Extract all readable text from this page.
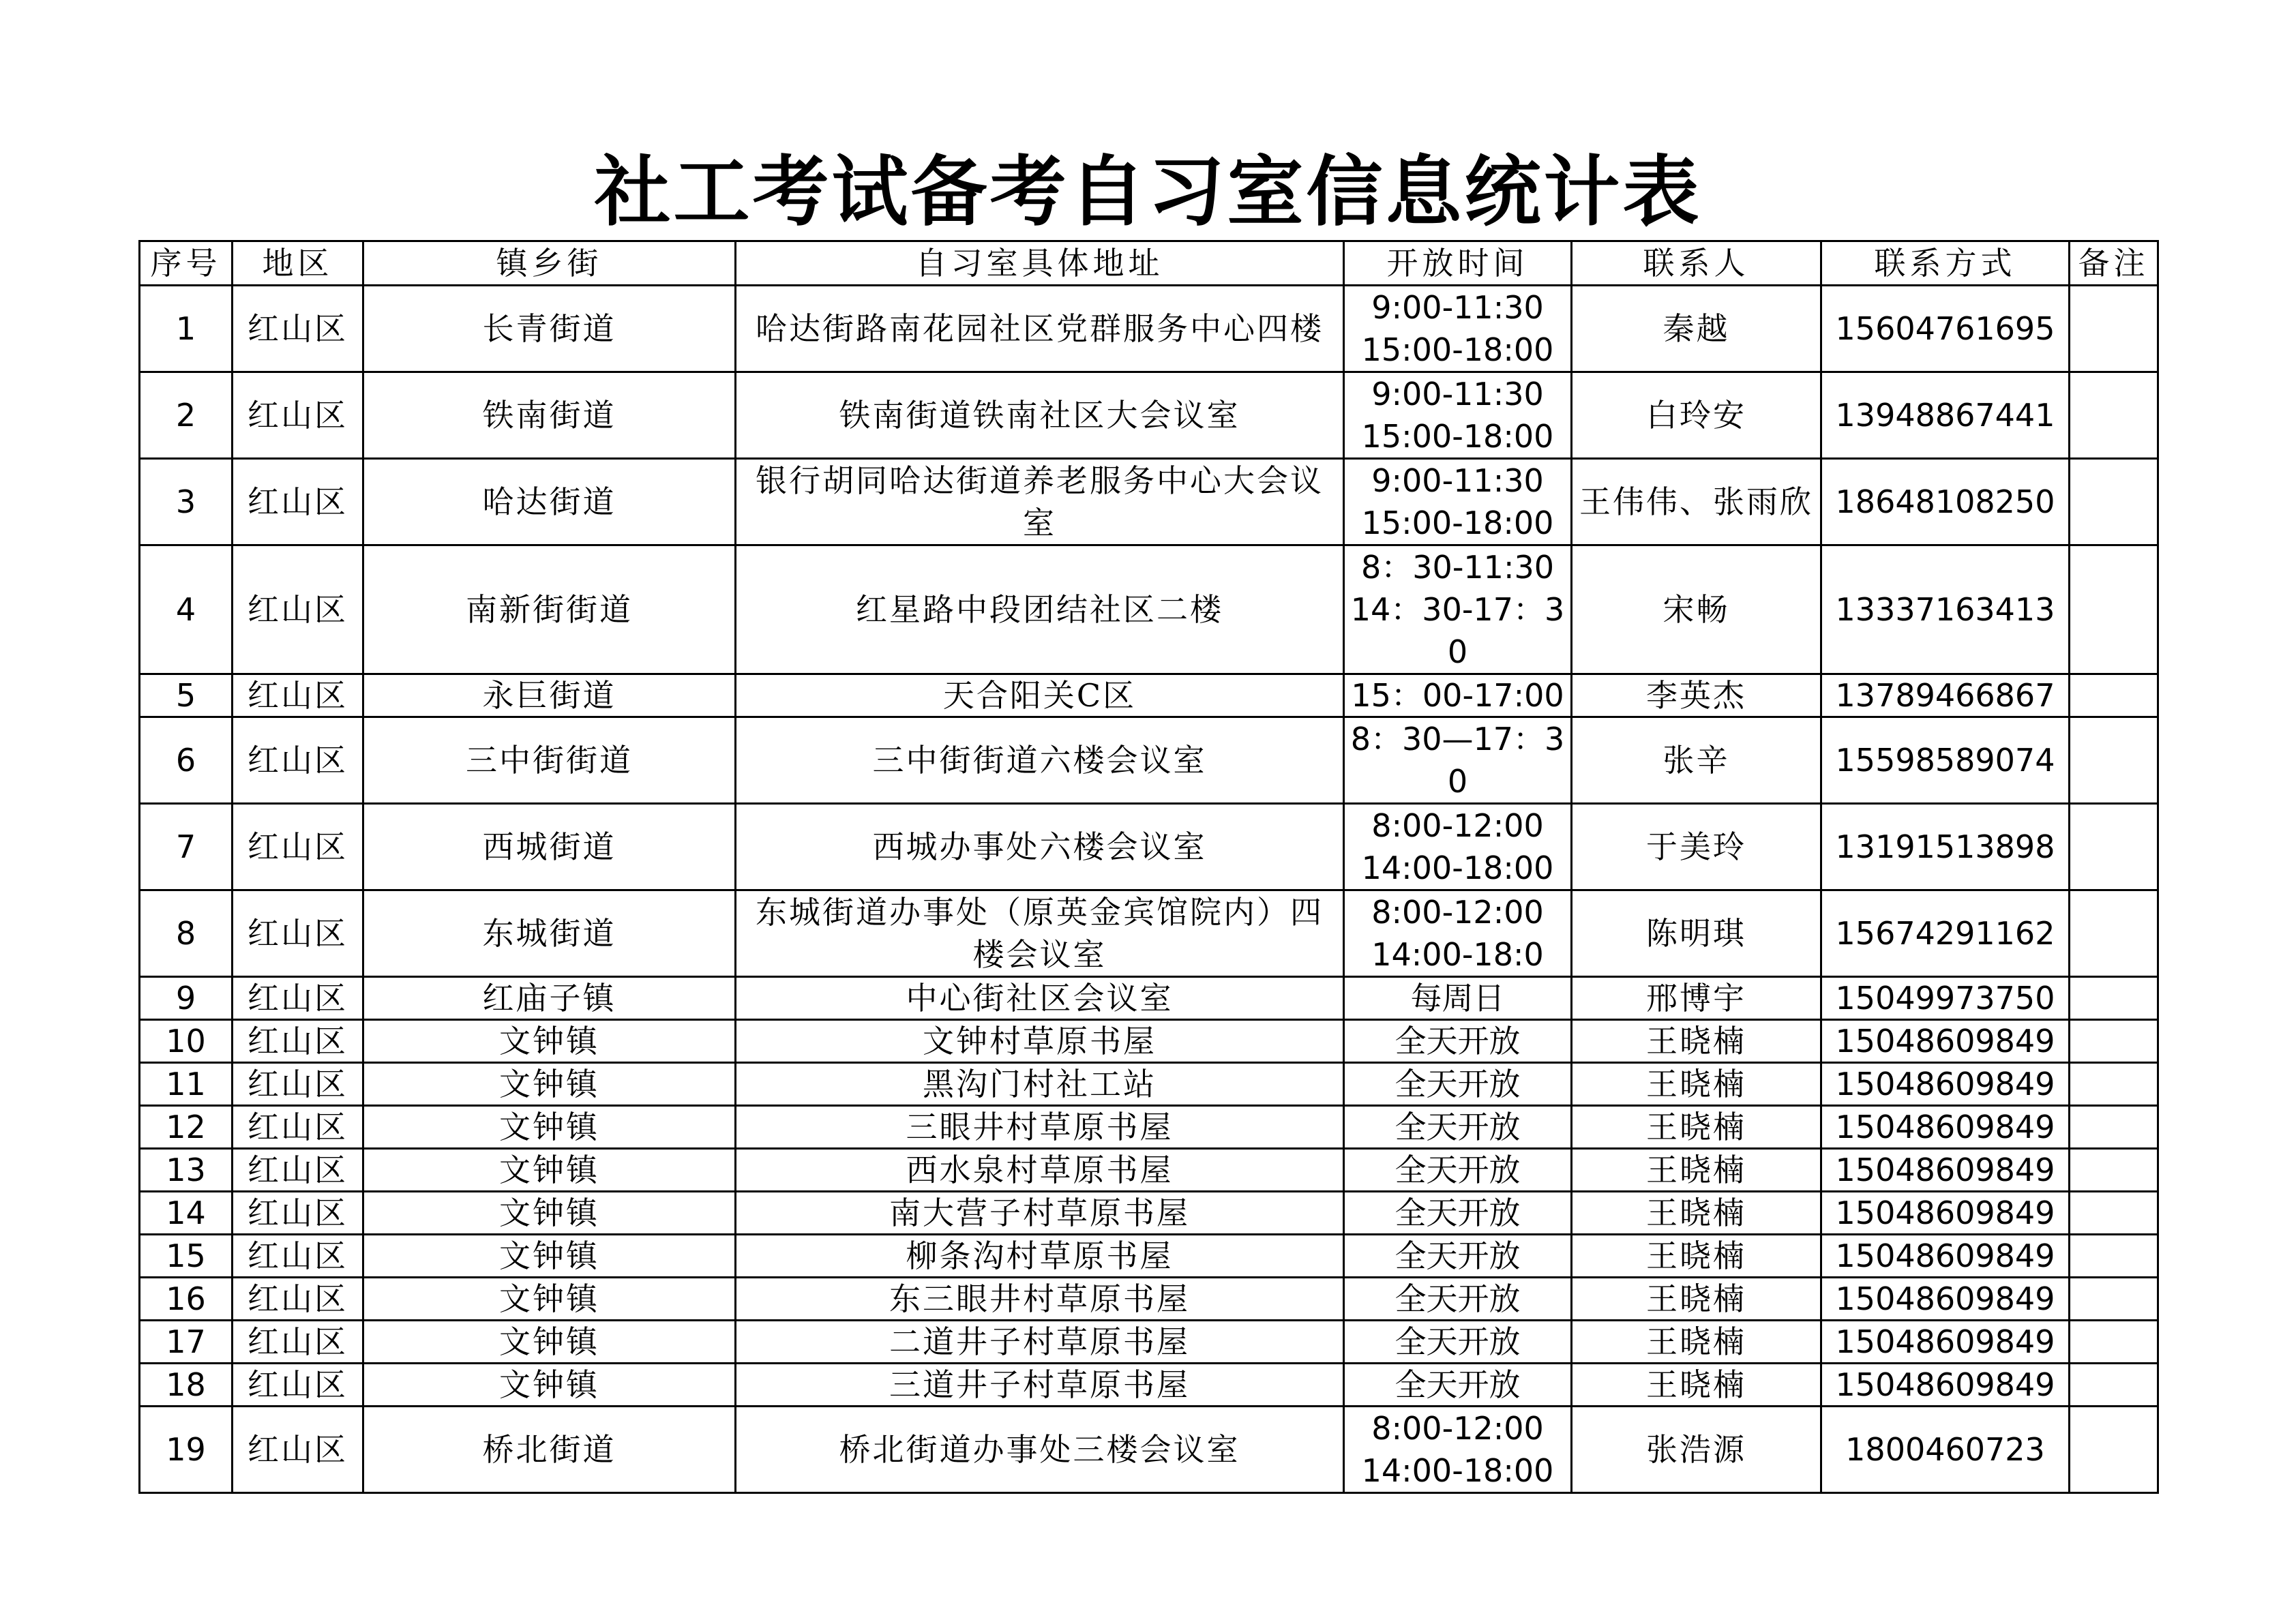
社工考试备考自习室信息统计表
序号	地区	镇乡街	自习室具体地址	开放时间	联系人	联系方式	备注
1	红山区	长青街道	哈达街路南花园社区党群服务中心四楼	9:00-11:30
15:00-18:00	秦越	15604761695	
2	红山区	铁南街道	铁南街道铁南社区大会议室	9:00-11:30
15:00-18:00	白玲安	13948867441	
3	红山区	哈达街道	银行胡同哈达街道养老服务中心大会议室	9:00-11:30
15:00-18:00	王伟伟、张雨欣	18648108250	
4	红山区	南新街街道	红星路中段团结社区二楼	8：30-11:30
14：30-17：30	宋畅	13337163413	
5	红山区	永巨街道	天合阳关C区	15：00-17:00	李英杰	13789466867	
6	红山区	三中街街道	三中街街道六楼会议室	8：30—17：30	张辛	15598589074	
7	红山区	西城街道	西城办事处六楼会议室	8:00-12:00
14:00-18:00	于美玲	13191513898	
8	红山区	东城街道	东城街道办事处（原英金宾馆院内）四楼会议室	8:00-12:00
14:00-18:0	陈明琪	15674291162	
9	红山区	红庙子镇	中心街社区会议室	每周日	邢博宇	15049973750	
10	红山区	文钟镇	文钟村草原书屋	全天开放	王晓楠	15048609849	
11	红山区	文钟镇	黑沟门村社工站	全天开放	王晓楠	15048609849	
12	红山区	文钟镇	三眼井村草原书屋	全天开放	王晓楠	15048609849	
13	红山区	文钟镇	西水泉村草原书屋	全天开放	王晓楠	15048609849	
14	红山区	文钟镇	南大营子村草原书屋	全天开放	王晓楠	15048609849	
15	红山区	文钟镇	柳条沟村草原书屋	全天开放	王晓楠	15048609849	
16	红山区	文钟镇	东三眼井村草原书屋	全天开放	王晓楠	15048609849	
17	红山区	文钟镇	二道井子村草原书屋	全天开放	王晓楠	15048609849	
18	红山区	文钟镇	三道井子村草原书屋	全天开放	王晓楠	15048609849	
19	红山区	桥北街道	桥北街道办事处三楼会议室	8:00-12:00
14:00-18:00	张浩源	1800460723	
